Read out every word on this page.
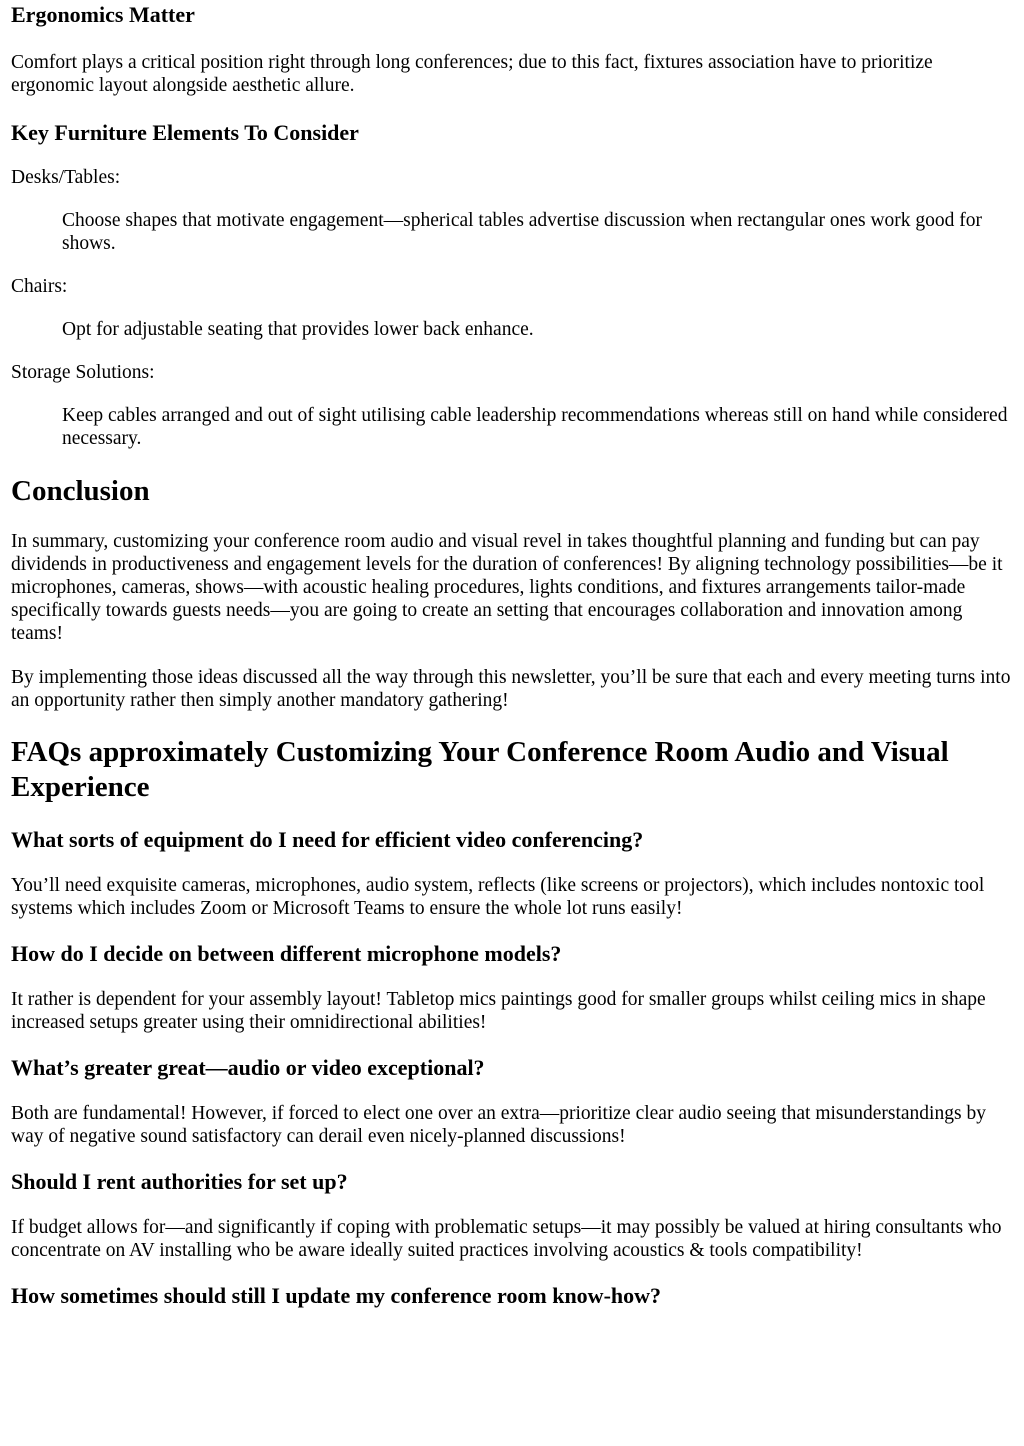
Ergonomics Matter

Comfort plays a critical position right through long conferences; due to this fact, fixtures association have to prioritize ergonomic layout alongside aesthetic allure.

Key Furniture Elements To Consider

Desks/Tables:

Choose shapes that motivate engagement—spherical tables advertise discussion when rectangular ones work good for shows.

Chairs:

Opt for adjustable seating that provides lower back enhance.

Storage Solutions:

Keep cables arranged and out of sight utilising cable leadership recommendations whereas still on hand while considered necessary.

Conclusion

In summary, customizing your conference room audio and visual revel in takes thoughtful planning and funding but can pay dividends in productiveness and engagement levels for the duration of conferences! By aligning technology possibilities—be it microphones, cameras, shows—with acoustic healing procedures, lights conditions, and fixtures arrangements tailor-made specifically towards guests needs—you are going to create an setting that encourages collaboration and innovation among teams!

By implementing those ideas discussed all the way through this newsletter, you’ll be sure that each and every meeting turns into an opportunity rather then simply another mandatory gathering!

FAQs approximately Customizing Your Conference Room Audio and Visual Experience
What sorts of equipment do I need for efficient video conferencing?

You’ll need exquisite cameras, microphones, audio system, reflects (like screens or projectors), which includes nontoxic tool systems which includes Zoom or Microsoft Teams to ensure the whole lot runs easily!

How do I decide on between different microphone models?

It rather is dependent for your assembly layout! Tabletop mics paintings good for smaller groups whilst ceiling mics in shape increased setups greater using their omnidirectional abilities!

What’s greater great—audio or video exceptional?

Both are fundamental! However, if forced to elect one over an extra—prioritize clear audio seeing that misunderstandings by way of negative sound satisfactory can derail even nicely-planned discussions!

Should I rent authorities for set up?

If budget allows for—and significantly if coping with problematic setups—it may possibly be valued at hiring consultants who concentrate on AV installing who be aware ideally suited practices involving acoustics & tools compatibility!

How sometimes should still I update my conference room know-how?
